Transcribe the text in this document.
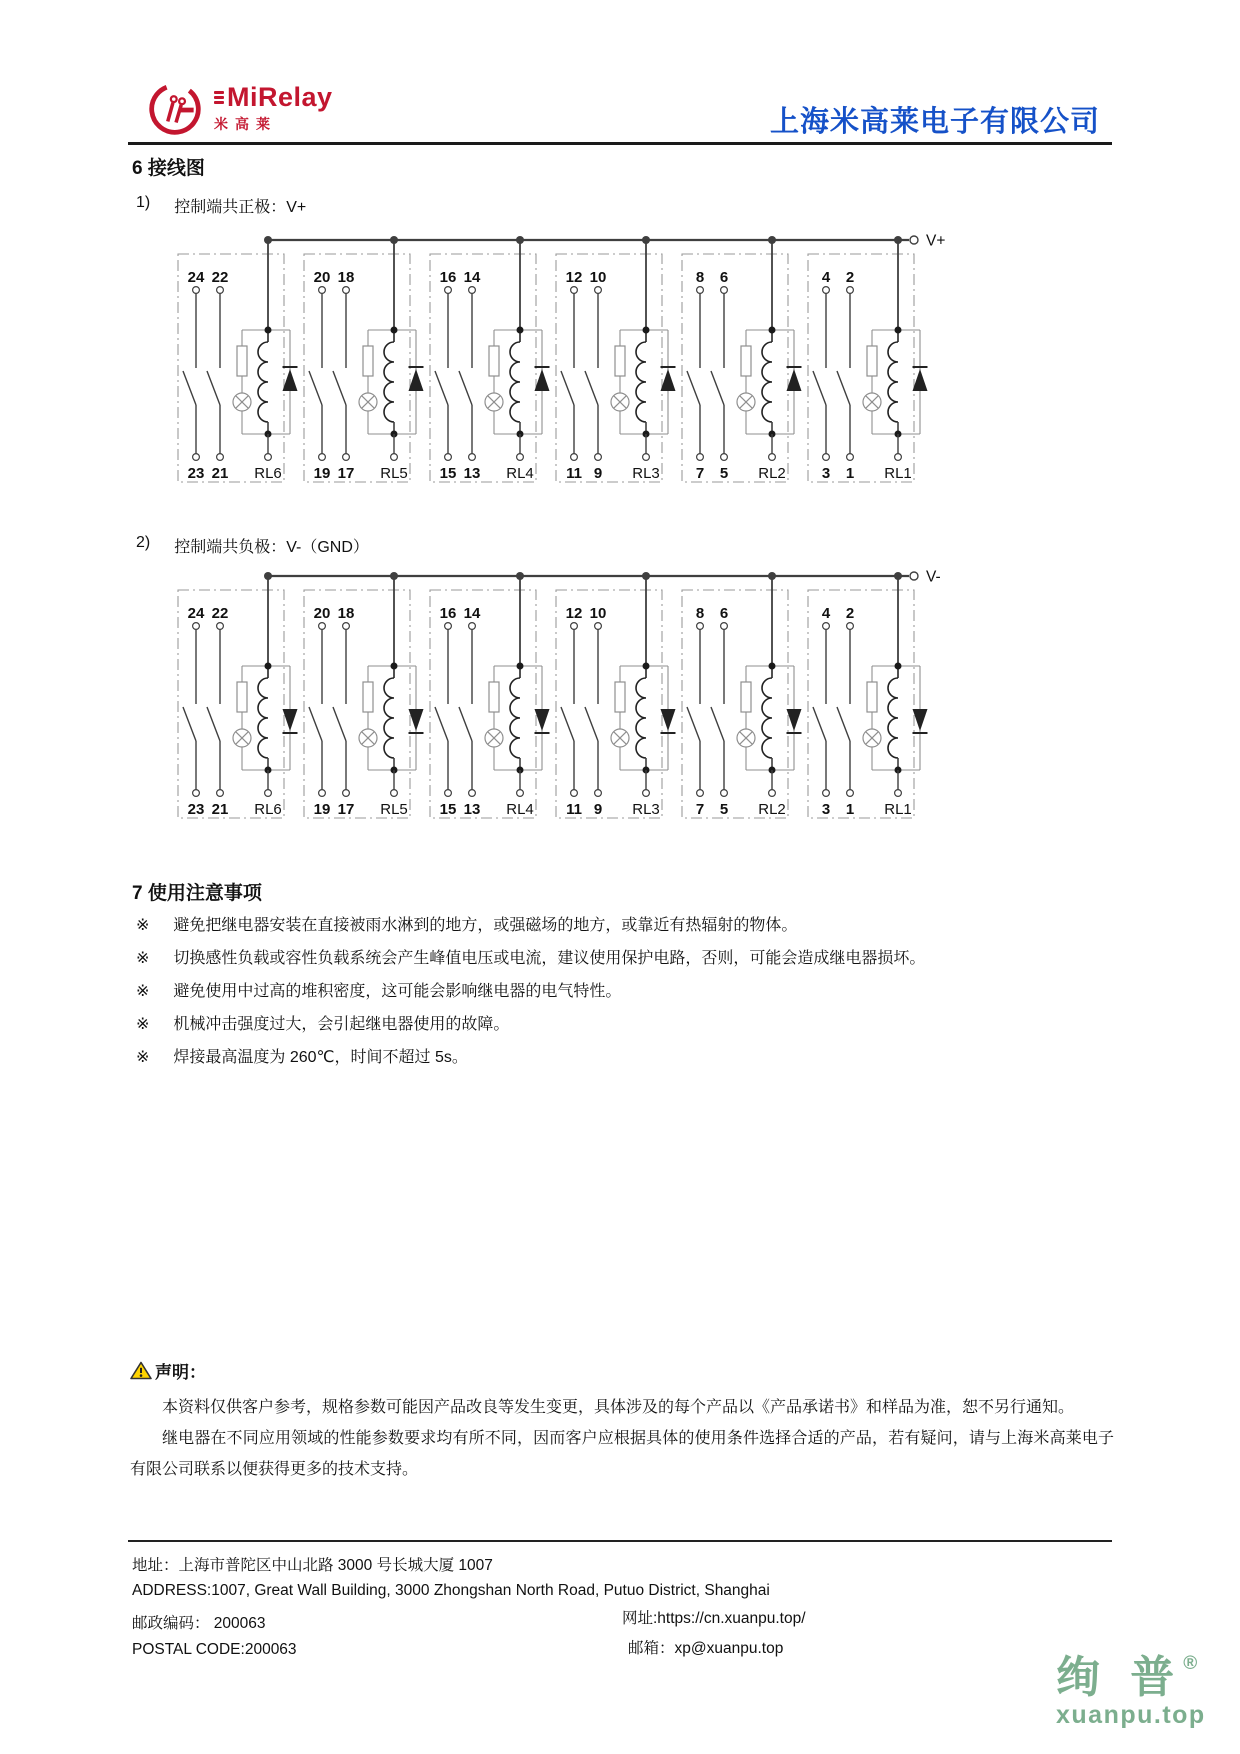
MiRelay
米高莱	上海米高莱电子有限公司
6 接线图
1) 控制端共正极：V+
V+
24
23
22
21 RL6
20
19
18
17 RL5
16
15
14
13 RL4
12
11
10
9 RL3
8
7
6
5 RL2
4
3
2
1 RL1
2) 控制端共负极：V-（GND）
V-
24
23
22
21 RL6
20
19
18
17 RL5
16
15
14
13 RL4
12
11
10
9 RL3
8
7
6
5 RL2
4
3
2
1 RL1
7 使用注意事项
※ 避免把继电器安装在直接被雨水淋到的地方，或强磁场的地方，或靠近有热辐射的物体。
※ 切换感性负载或容性负载系统会产生峰值电压或电流，建议使用保护电路，否则，可能会造成继电器损坏。
※ 避免使用中过高的堆积密度，这可能会影响继电器的电气特性。
※ 机械冲击强度过大，会引起继电器使用的故障。
※ 焊接最高温度为 260℃，时间不超过 5s。
声明：

本资料仅供客户参考，规格参数可能因产品改良等发生变更，具体涉及的每个产品以《产品承诺书》和样品为准，恕不另行通知。

继电器在不同应用领域的性能参数要求均有所不同，因而客户应根据具体的使用条件选择合适的产品，若有疑问，请与上海米高莱电子有限公司联系以便获得更多的技术支持。

地址：上海市普陀区中山北路 3000 号长城大厦 1007
ADDRESS:1007, Great Wall Building, 3000 Zhongshan North Road, Putuo District, Shanghai
邮政编码： 200063
POSTAL CODE:200063
网址:https://cn.xuanpu.top/
邮箱：xp@xuanpu.top
绚 普 ®
xuanpu.top
